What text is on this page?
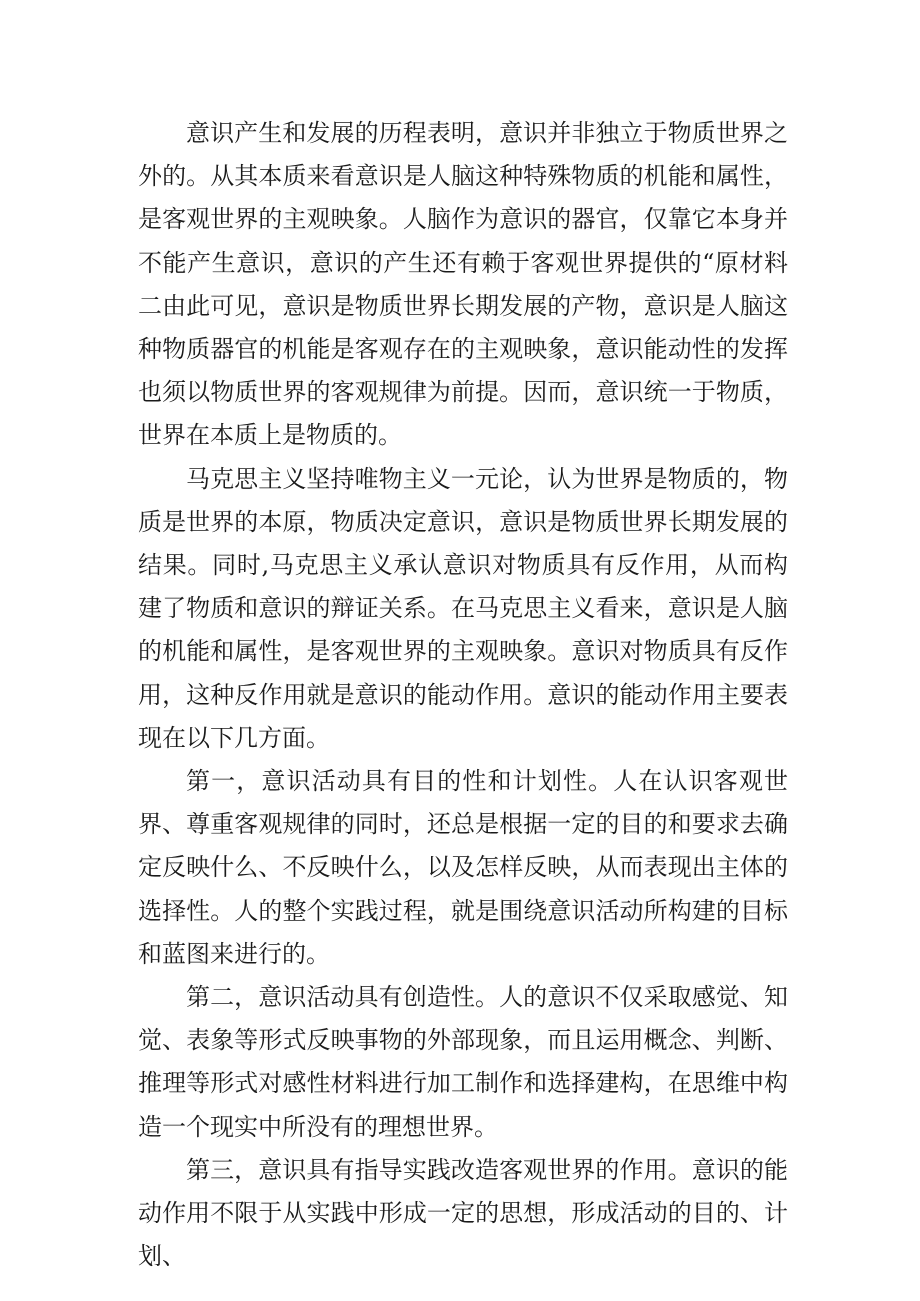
意识产生和发展的历程表明，意识并非独立于物质世界之外的。从其本质来看意识是人脑这种特殊物质的机能和属性，是客观世界的主观映象。人脑作为意识的器官，仅靠它本身并不能产生意识，意识的产生还有赖于客观世界提供的“原材料二由此可见，意识是物质世界长期发展的产物，意识是人脑这种物质器官的机能是客观存在的主观映象，意识能动性的发挥也须以物质世界的客观规律为前提。因而，意识统一于物质，世界在本质上是物质的。

马克思主义坚持唯物主义一元论，认为世界是物质的，物质是世界的本原，物质决定意识，意识是物质世界长期发展的结果。同时,马克思主义承认意识对物质具有反作用，从而构建了物质和意识的辩证关系。在马克思主义看来，意识是人脑的机能和属性，是客观世界的主观映象。意识对物质具有反作用，这种反作用就是意识的能动作用。意识的能动作用主要表现在以下几方面。

第一，意识活动具有目的性和计划性。人在认识客观世界、尊重客观规律的同时，还总是根据一定的目的和要求去确定反映什么、不反映什么，以及怎样反映，从而表现出主体的选择性。人的整个实践过程，就是围绕意识活动所构建的目标和蓝图来进行的。

第二，意识活动具有创造性。人的意识不仅采取感觉、知觉、表象等形式反映事物的外部现象，而且运用概念、判断、推理等形式对感性材料进行加工制作和选择建构，在思维中构造一个现实中所没有的理想世界。

第三，意识具有指导实践改造客观世界的作用。意识的能动作用不限于从实践中形成一定的思想，形成活动的目的、计划、
